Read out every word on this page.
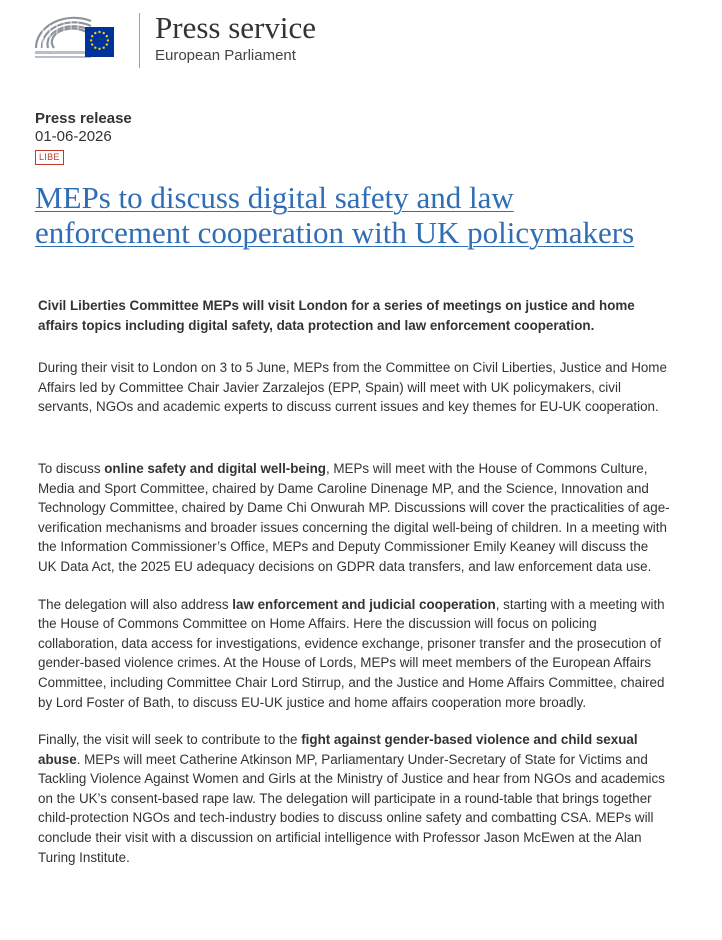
Press service
European Parliament
Press release
01-06-2026
LIBE
MEPs to discuss digital safety and law enforcement cooperation with UK policymakers

Civil Liberties Committee MEPs will visit London for a series of meetings on justice and home affairs topics including digital safety, data protection and law enforcement cooperation.

During their visit to London on 3 to 5 June, MEPs from the Committee on Civil Liberties, Justice and Home Affairs led by Committee Chair Javier Zarzalejos (EPP, Spain) will meet with UK policymakers, civil servants, NGOs and academic experts to discuss current issues and key themes for EU-UK cooperation.

To discuss online safety and digital well-being, MEPs will meet with the House of Commons Culture, Media and Sport Committee, chaired by Dame Caroline Dinenage MP, and the Science, Innovation and Technology Committee, chaired by Dame Chi Onwurah MP. Discussions will cover the practicalities of age-verification mechanisms and broader issues concerning the digital well-being of children. In a meeting with the Information Commissioner’s Office, MEPs and Deputy Commissioner Emily Keaney will discuss the UK Data Act, the 2025 EU adequacy decisions on GDPR data transfers, and law enforcement data use.

The delegation will also address law enforcement and judicial cooperation, starting with a meeting with the House of Commons Committee on Home Affairs. Here the discussion will focus on policing collaboration, data access for investigations, evidence exchange, prisoner transfer and the prosecution of gender-based violence crimes. At the House of Lords, MEPs will meet members of the European Affairs Committee, including Committee Chair Lord Stirrup, and the Justice and Home Affairs Committee, chaired by Lord Foster of Bath, to discuss EU-UK justice and home affairs cooperation more broadly.

Finally, the visit will seek to contribute to the fight against gender-based violence and child sexual abuse. MEPs will meet Catherine Atkinson MP, Parliamentary Under-Secretary of State for Victims and Tackling Violence Against Women and Girls at the Ministry of Justice and hear from NGOs and academics on the UK’s consent-based rape law. The delegation will participate in a round-table that brings together child-protection NGOs and tech-industry bodies to discuss online safety and combatting CSA. MEPs will conclude their visit with a discussion on artificial intelligence with Professor Jason McEwen at the Alan Turing Institute.
